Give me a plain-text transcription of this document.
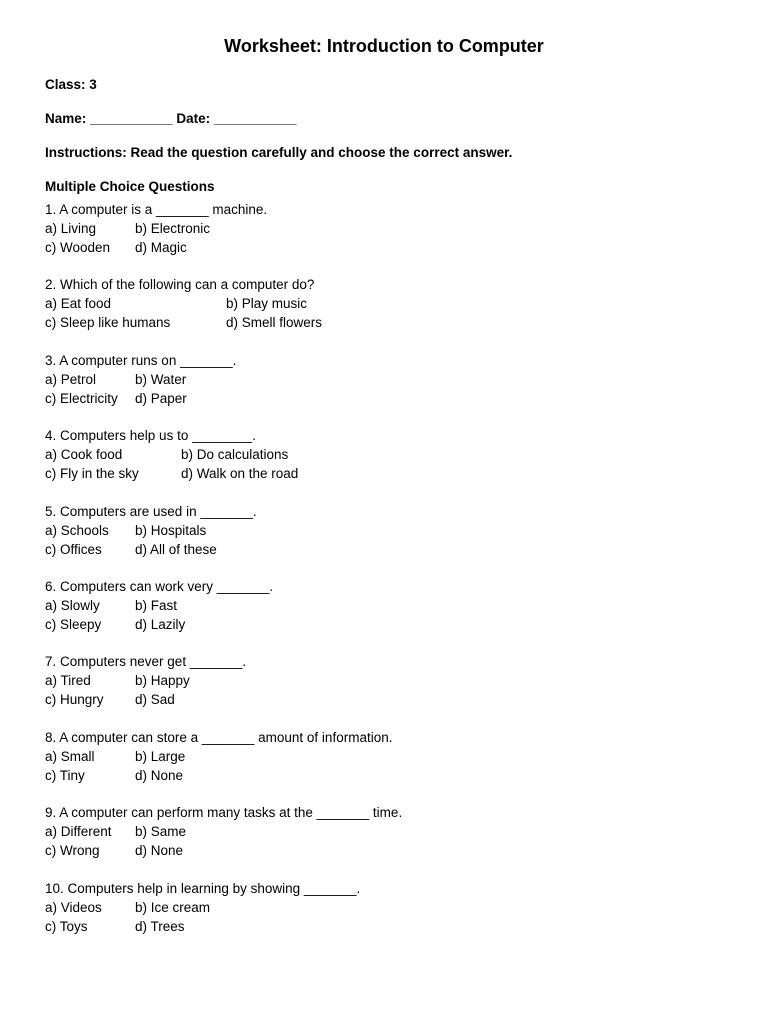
Worksheet: Introduction to Computer

Class: 3

Name: ___________ Date: ___________

Instructions: Read the question carefully and choose the correct answer.

Multiple Choice Questions
1. A computer is a _______ machine.
a) Living	b) Electronic
c) Wooden	d) Magic
2. Which of the following can a computer do?
a) Eat food	b) Play music
c) Sleep like humans	d) Smell flowers
3. A computer runs on _______.
a) Petrol	b) Water
c) Electricity	d) Paper
4. Computers help us to ________.
a) Cook food	b) Do calculations
c) Fly in the sky	d) Walk on the road
5. Computers are used in _______.
a) Schools	b) Hospitals
c) Offices	d) All of these
6. Computers can work very _______.
a) Slowly	b) Fast
c) Sleepy	d) Lazily
7. Computers never get _______.
a) Tired	b) Happy
c) Hungry	d) Sad
8. A computer can store a _______ amount of information.
a) Small	b) Large
c) Tiny	d) None
9. A computer can perform many tasks at the _______ time.
a) Different	b) Same
c) Wrong	d) None
10. Computers help in learning by showing _______.
a) Videos	b) Ice cream
c) Toys	d) Trees
